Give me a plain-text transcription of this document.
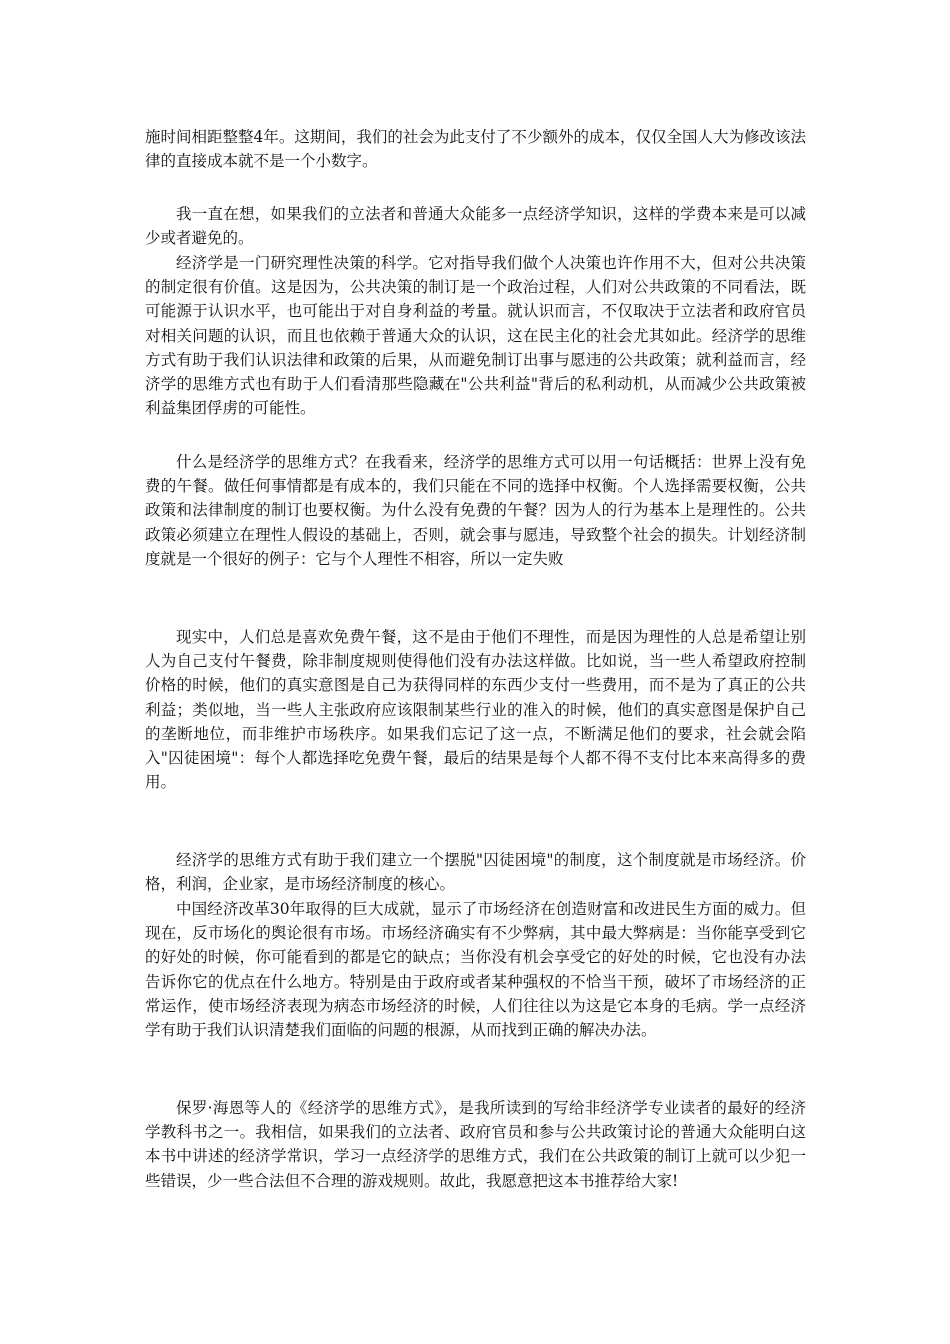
施时间相距整整4年。这期间，我们的社会为此支付了不少额外的成本，仅仅全国人大为修改该法律的直接成本就不是一个小数字。

我一直在想，如果我们的立法者和普通大众能多一点经济学知识，这样的学费本来是可以减少或者避免的。

经济学是一门研究理性决策的科学。它对指导我们做个人决策也许作用不大，但对公共决策的制定很有价值。这是因为，公共决策的制订是一个政治过程，人们对公共政策的不同看法，既可能源于认识水平，也可能出于对自身利益的考量。就认识而言，不仅取决于立法者和政府官员对相关问题的认识，而且也依赖于普通大众的认识，这在民主化的社会尤其如此。经济学的思维方式有助于我们认识法律和政策的后果，从而避免制订出事与愿违的公共政策；就利益而言，经济学的思维方式也有助于人们看清那些隐藏在"公共利益"背后的私利动机，从而减少公共政策被利益集团俘虏的可能性。

什么是经济学的思维方式？在我看来，经济学的思维方式可以用一句话概括：世界上没有免费的午餐。做任何事情都是有成本的，我们只能在不同的选择中权衡。个人选择需要权衡，公共政策和法律制度的制订也要权衡。为什么没有免费的午餐？因为人的行为基本上是理性的。公共政策必须建立在理性人假设的基础上，否则，就会事与愿违，导致整个社会的损失。计划经济制度就是一个很好的例子：它与个人理性不相容，所以一定失败

现实中，人们总是喜欢免费午餐，这不是由于他们不理性，而是因为理性的人总是希望让别人为自己支付午餐费，除非制度规则使得他们没有办法这样做。比如说，当一些人希望政府控制价格的时候，他们的真实意图是自己为获得同样的东西少支付一些费用，而不是为了真正的公共利益；类似地，当一些人主张政府应该限制某些行业的准入的时候，他们的真实意图是保护自己的垄断地位，而非维护市场秩序。如果我们忘记了这一点，不断满足他们的要求，社会就会陷入"囚徒困境"：每个人都选择吃免费午餐，最后的结果是每个人都不得不支付比本来高得多的费用。

经济学的思维方式有助于我们建立一个摆脱"囚徒困境"的制度，这个制度就是市场经济。价格，利润，企业家，是市场经济制度的核心。

中国经济改革30年取得的巨大成就，显示了市场经济在创造财富和改进民生方面的威力。但现在，反市场化的舆论很有市场。市场经济确实有不少弊病，其中最大弊病是：当你能享受到它的好处的时候，你可能看到的都是它的缺点；当你没有机会享受它的好处的时候，它也没有办法告诉你它的优点在什么地方。特别是由于政府或者某种强权的不恰当干预，破坏了市场经济的正常运作，使市场经济表现为病态市场经济的时候，人们往往以为这是它本身的毛病。学一点经济学有助于我们认识清楚我们面临的问题的根源，从而找到正确的解决办法。

保罗·海恩等人的《经济学的思维方式》，是我所读到的写给非经济学专业读者的最好的经济学教科书之一。我相信，如果我们的立法者、政府官员和参与公共政策讨论的普通大众能明白这本书中讲述的经济学常识，学习一点经济学的思维方式，我们在公共政策的制订上就可以少犯一些错误，少一些合法但不合理的游戏规则。故此，我愿意把这本书推荐给大家!
